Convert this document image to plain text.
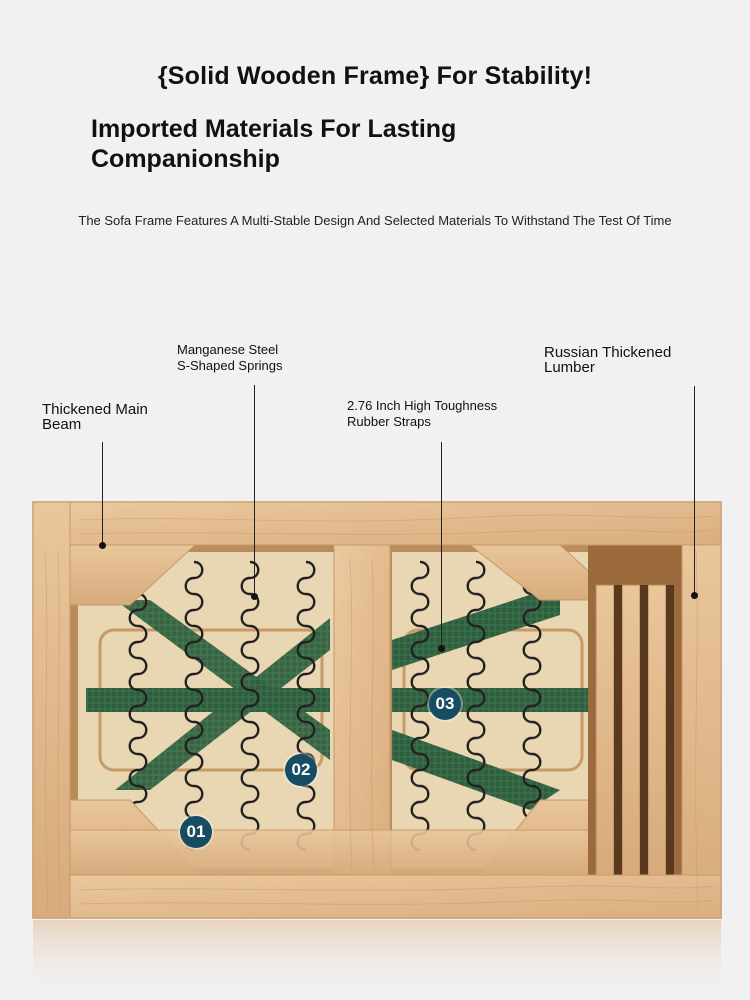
{Solid Wooden Frame} For Stability!
Imported Materials For Lasting
Companionship
The Sofa Frame Features A Multi-Stable Design And Selected Materials To Withstand The Test Of Time
Thickened Main
Beam
Manganese Steel
S-Shaped Springs
2.76 Inch High Toughness
Rubber Straps
Russian Thickened
Lumber
01
02
03
